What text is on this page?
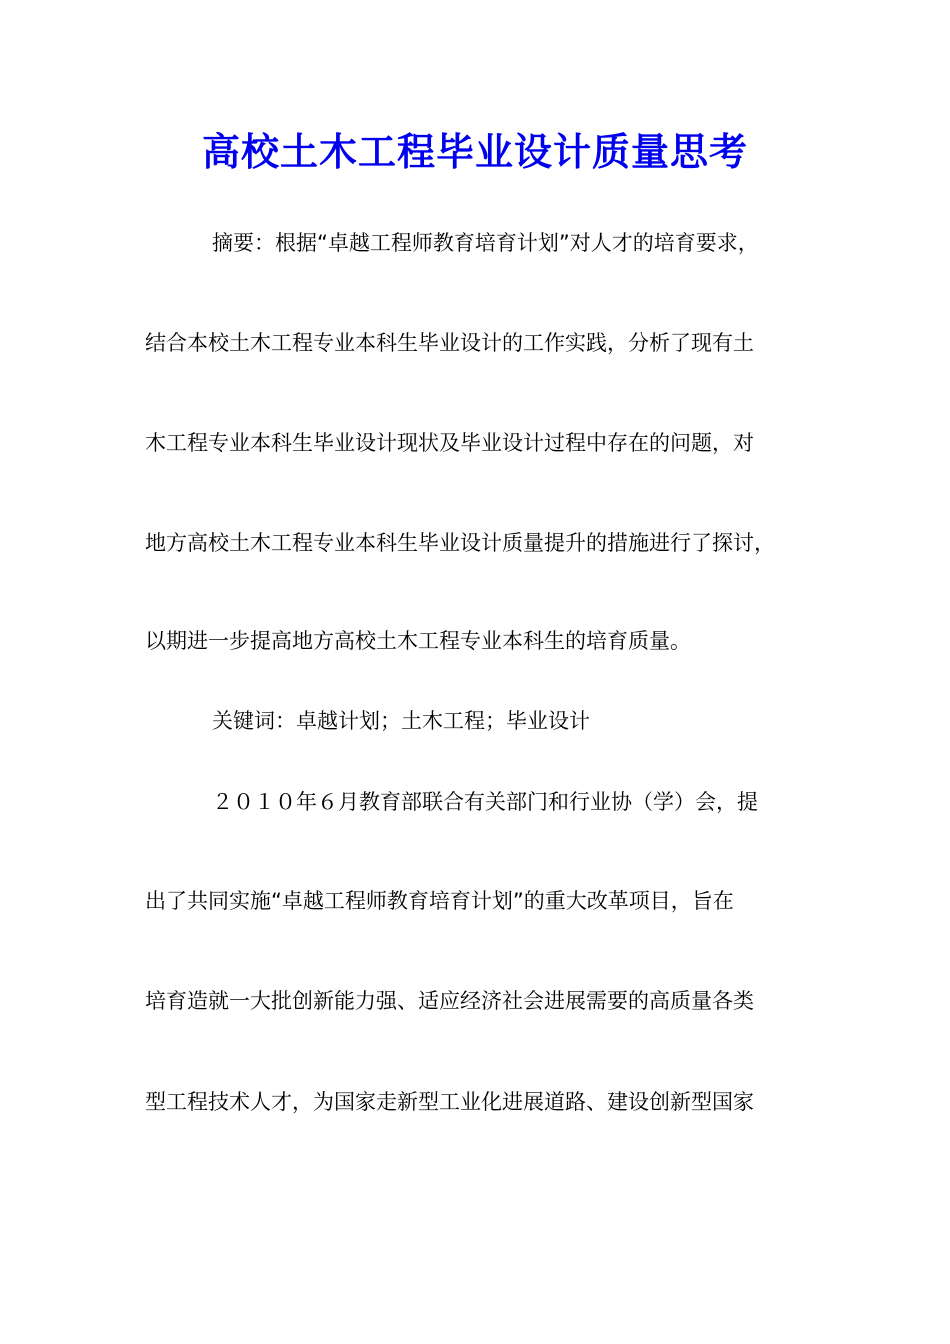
高校土木工程毕业设计质量思考

摘要：根据“卓越工程师教育培育计划”对人才的培育要求，

结合本校土木工程专业本科生毕业设计的工作实践，分析了现有土

木工程专业本科生毕业设计现状及毕业设计过程中存在的问题，对

地方高校土木工程专业本科生毕业设计质量提升的措施进行了探讨，

以期进一步提高地方高校土木工程专业本科生的培育质量。

关键词：卓越计划；土木工程；毕业设计

２０１０年６月教育部联合有关部门和行业协（学）会，提

出了共同实施“卓越工程师教育培育计划”的重大改革项目，旨在

培育造就一大批创新能力强、适应经济社会进展需要的高质量各类

型工程技术人才，为国家走新型工业化进展道路、建设创新型国家
